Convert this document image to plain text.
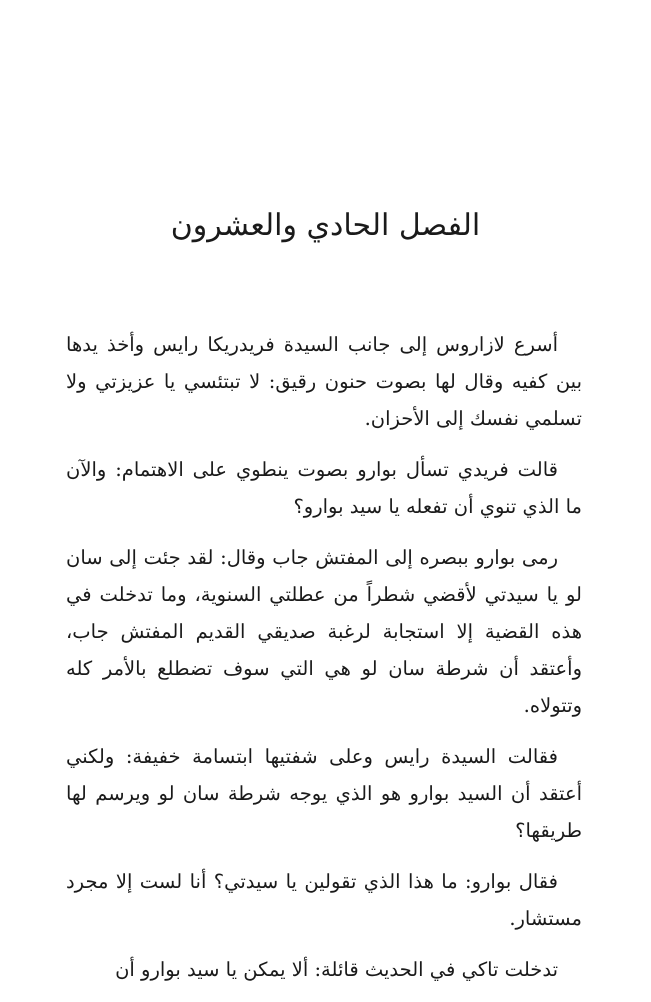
الفصل الحادي والعشرون

أسرع لازاروس إلى جانب السيدة فريدريكا رايس وأخذ يدها بين كفيه وقال لها بصوت حنون رقيق: لا تبتئسي يا عزيزتي ولا تسلمي نفسك إلى الأحزان.

قالت فريدي تسأل بوارو بصوت ينطوي على الاهتمام: والآن ما الذي تنوي أن تفعله يا سيد بوارو؟

رمى بوارو ببصره إلى المفتش جاب وقال: لقد جئت إلى سان لو يا سيدتي لأقضي شطراً من عطلتي السنوية، وما تدخلت في هذه القضية إلا استجابة لرغبة صديقي القديم المفتش جاب، وأعتقد أن شرطة سان لو هي التي سوف تضطلع بالأمر كله وتتولاه.

فقالت السيدة رايس وعلى شفتيها ابتسامة خفيفة: ولكني أعتقد أن السيد بوارو هو الذي يوجه شرطة سان لو ويرسم لها طريقها؟

فقال بوارو: ما هذا الذي تقولين يا سيدتي؟ أنا لست إلا مجرد مستشار.

تدخلت تاكي في الحديث قائلة: ألا يمكن يا سيد بوارو أن
